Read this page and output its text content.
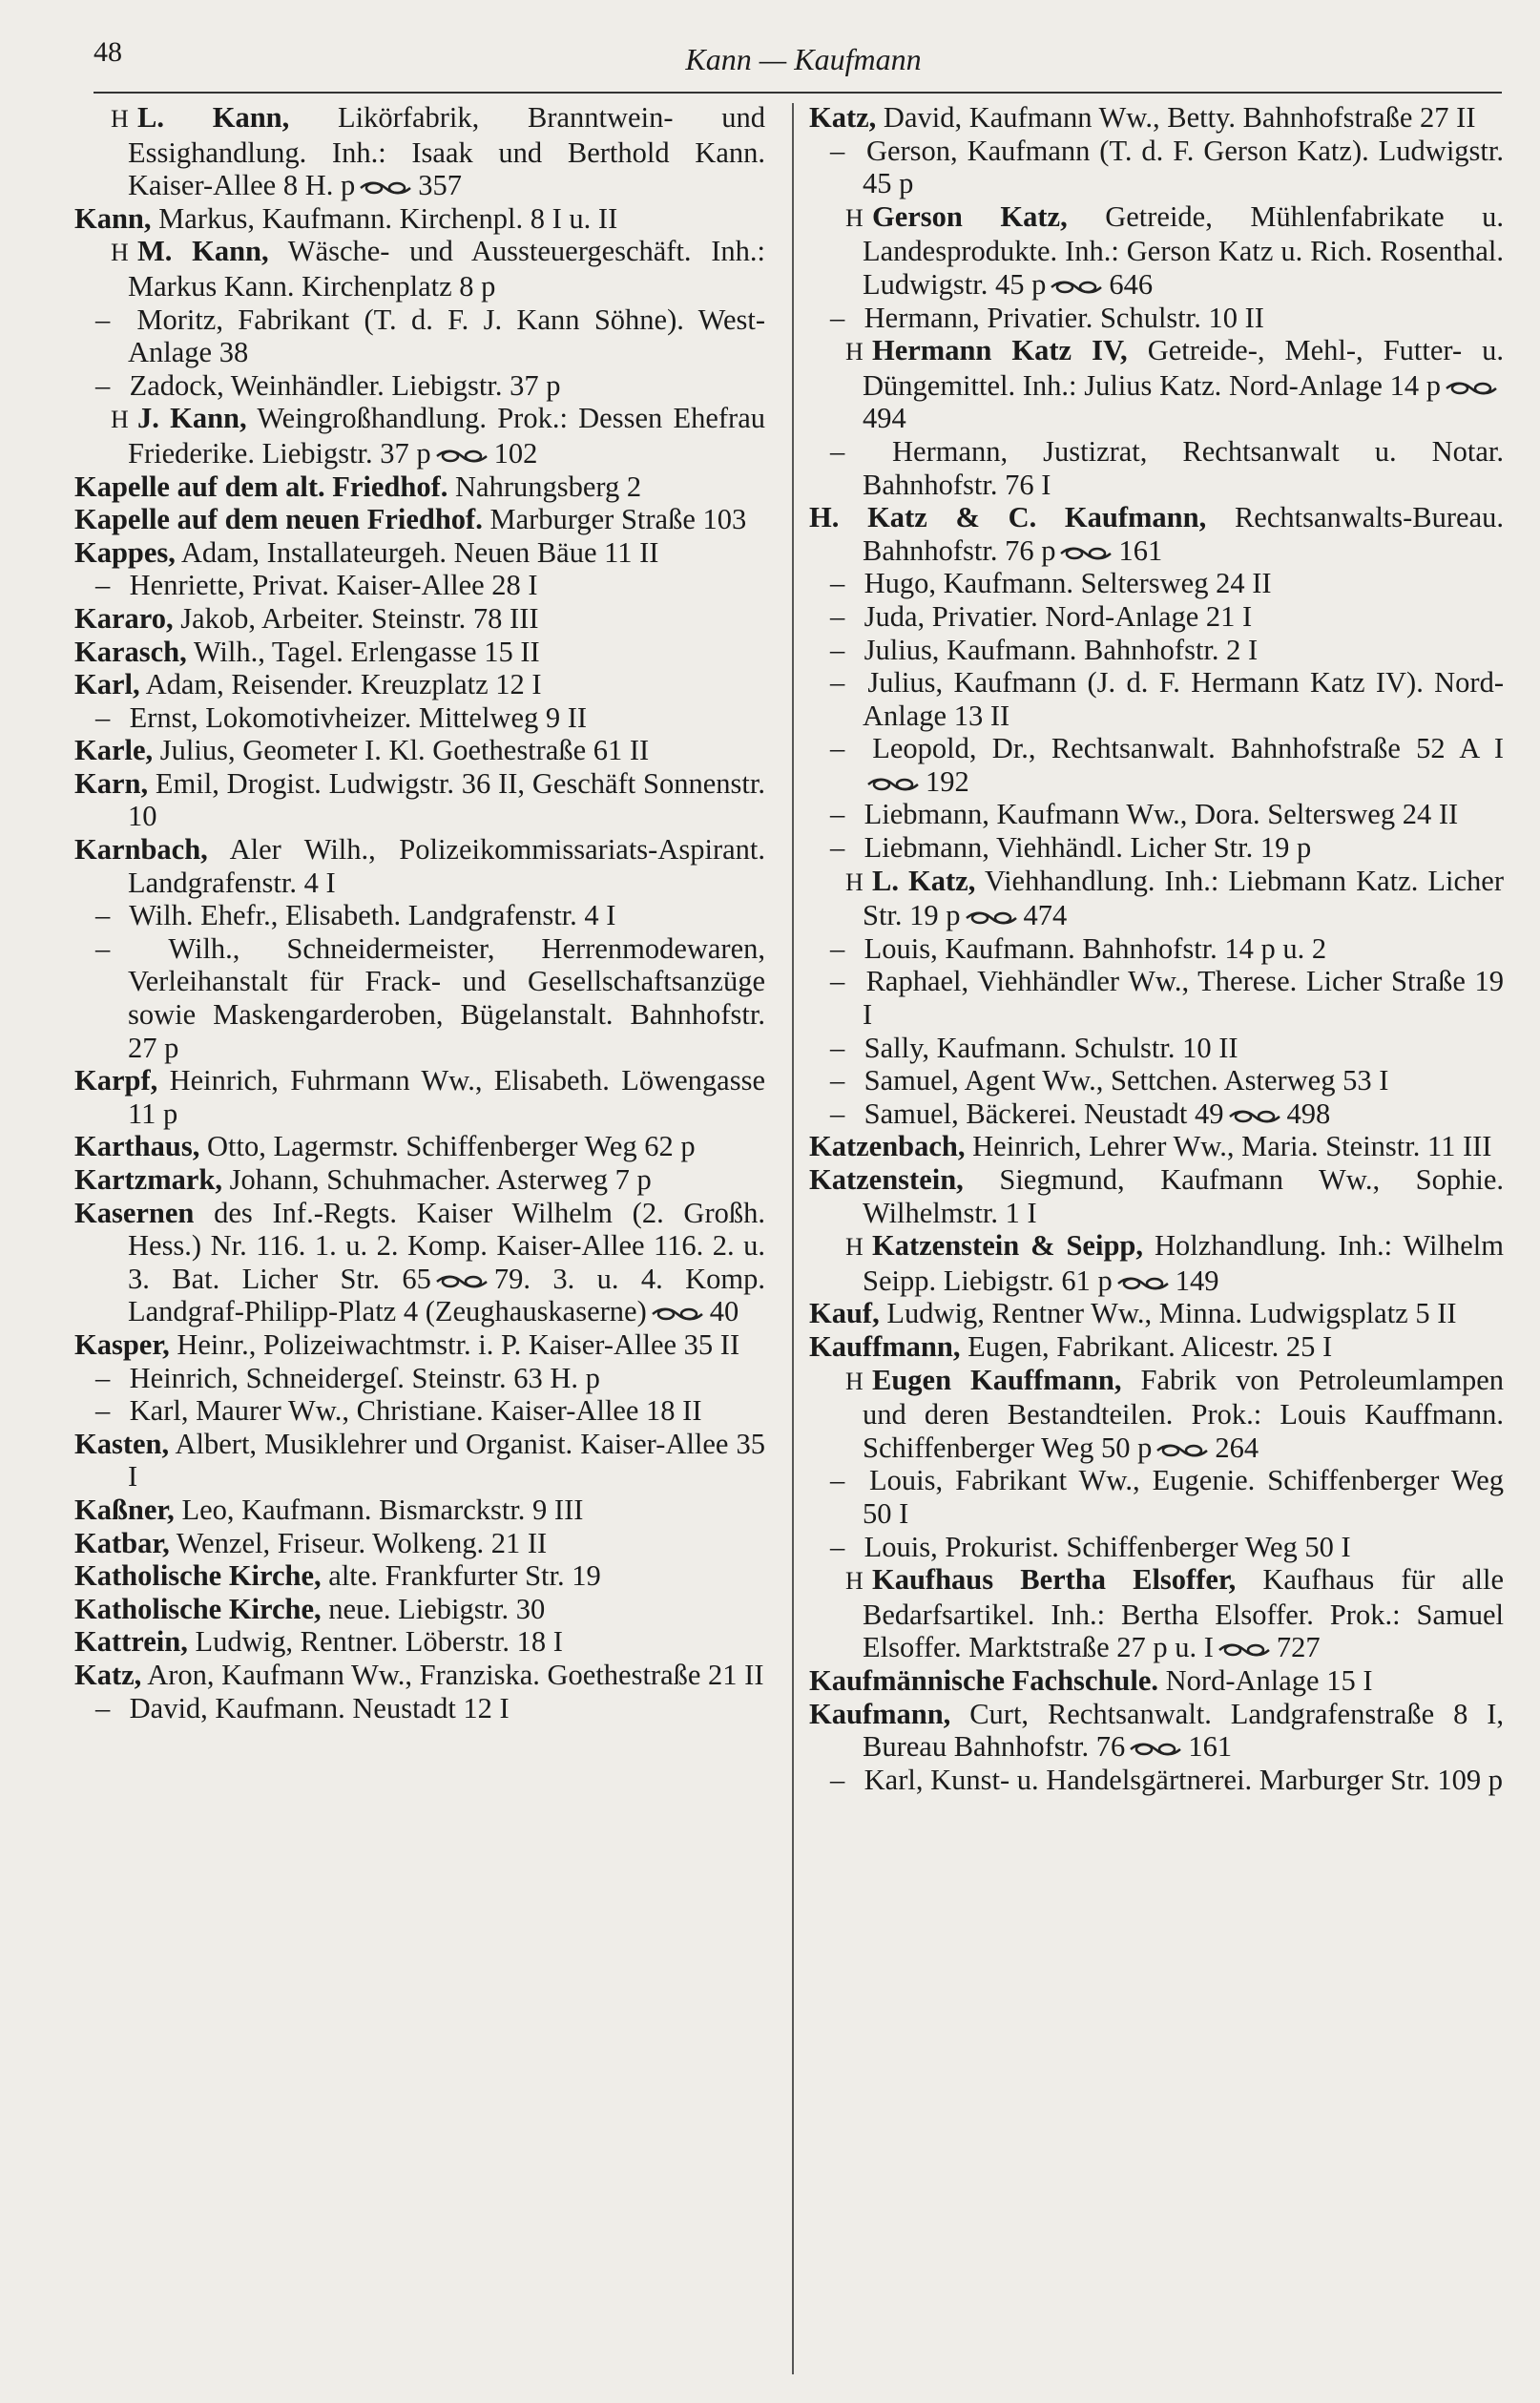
48	Kann — Kaufmann

H L. Kann, Likörfabrik, Branntwein- und Essighandlung. Inh.: Isaak und Berthold Kann. Kaiser-Allee 8 H. p 357

Kann, Markus, Kaufmann. Kirchenpl. 8 I u. II

H M. Kann, Wäsche- und Aussteuergeschäft. Inh.: Markus Kann. Kirchenplatz 8 p

– Moritz, Fabrikant (T. d. F. J. Kann Söhne). West-Anlage 38

– Zadock, Weinhändler. Liebigstr. 37 p

H J. Kann, Weingroßhandlung. Prok.: Dessen Ehefrau Friederike. Liebigstr. 37 p 102

Kapelle auf dem alt. Friedhof. Nahrungsberg 2

Kapelle auf dem neuen Friedhof. Marburger Straße 103

Kappes, Adam, Installateurgeh. Neuen Bäue 11 II

– Henriette, Privat. Kaiser-Allee 28 I

Kararo, Jakob, Arbeiter. Steinstr. 78 III

Karasch, Wilh., Tagel. Erlengasse 15 II

Karl, Adam, Reisender. Kreuzplatz 12 I

– Ernst, Lokomotivheizer. Mittelweg 9 II

Karle, Julius, Geometer I. Kl. Goethestraße 61 II

Karn, Emil, Drogist. Ludwigstr. 36 II, Geschäft Sonnenstr. 10

Karnbach, Aler Wilh., Polizeikommissariats-Aspirant. Landgrafenstr. 4 I

– Wilh. Ehefr., Elisabeth. Landgrafenstr. 4 I

– Wilh., Schneidermeister, Herrenmodewaren, Verleihanstalt für Frack- und Gesellschaftsanzüge sowie Maskengarderoben, Bügelanstalt. Bahnhofstr. 27 p

Karpf, Heinrich, Fuhrmann Ww., Elisabeth. Löwengasse 11 p

Karthaus, Otto, Lagermstr. Schiffenberger Weg 62 p

Kartzmark, Johann, Schuhmacher. Asterweg 7 p

Kasernen des Inf.-Regts. Kaiser Wilhelm (2. Großh. Hess.) Nr. 116. 1. u. 2. Komp. Kaiser-Allee 116. 2. u. 3. Bat. Licher Str. 65 79. 3. u. 4. Komp. Landgraf-Philipp-Platz 4 (Zeughauskaserne) 40

Kasper, Heinr., Polizeiwachtmstr. i. P. Kaiser-Allee 35 II

– Heinrich, Schneidergeſ. Steinstr. 63 H. p

– Karl, Maurer Ww., Christiane. Kaiser-Allee 18 II

Kasten, Albert, Musiklehrer und Organist. Kaiser-Allee 35 I

Kaßner, Leo, Kaufmann. Bismarckstr. 9 III

Katbar, Wenzel, Friseur. Wolkeng. 21 II

Katholische Kirche, alte. Frankfurter Str. 19

Katholische Kirche, neue. Liebigstr. 30

Kattrein, Ludwig, Rentner. Löberstr. 18 I

Katz, Aron, Kaufmann Ww., Franziska. Goethestraße 21 II

– David, Kaufmann. Neustadt 12 I

Katz, David, Kaufmann Ww., Betty. Bahnhofstraße 27 II

– Gerson, Kaufmann (T. d. F. Gerson Katz). Ludwigstr. 45 p

H Gerson Katz, Getreide, Mühlenfabrikate u. Landesprodukte. Inh.: Gerson Katz u. Rich. Rosenthal. Ludwigstr. 45 p 646

– Hermann, Privatier. Schulstr. 10 II

H Hermann Katz IV, Getreide-, Mehl-, Futter- u. Düngemittel. Inh.: Julius Katz. Nord-Anlage 14 p494

– Hermann, Justizrat, Rechtsanwalt u. Notar. Bahnhofstr. 76 I

H. Katz & C. Kaufmann, Rechtsanwalts-Bureau. Bahnhofstr. 76 p 161

– Hugo, Kaufmann. Seltersweg 24 II

– Juda, Privatier. Nord-Anlage 21 I

– Julius, Kaufmann. Bahnhofstr. 2 I

– Julius, Kaufmann (J. d. F. Hermann Katz IV). Nord-Anlage 13 II

– Leopold, Dr., Rechtsanwalt. Bahnhofstraße 52 A I192

– Liebmann, Kaufmann Ww., Dora. Seltersweg 24 II

– Liebmann, Viehhändl. Licher Str. 19 p

H L. Katz, Viehhandlung. Inh.: Liebmann Katz. Licher Str. 19 p 474

– Louis, Kaufmann. Bahnhofstr. 14 p u. 2

– Raphael, Viehhändler Ww., Therese. Licher Straße 19 I

– Sally, Kaufmann. Schulstr. 10 II

– Samuel, Agent Ww., Settchen. Asterweg 53 I

– Samuel, Bäckerei. Neustadt 49 498

Katzenbach, Heinrich, Lehrer Ww., Maria. Steinstr. 11 III

Katzenstein, Siegmund, Kaufmann Ww., Sophie. Wilhelmstr. 1 I

H Katzenstein & Seipp, Holzhandlung. Inh.: Wilhelm Seipp. Liebigstr. 61 p 149

Kauf, Ludwig, Rentner Ww., Minna. Ludwigsplatz 5 II

Kauffmann, Eugen, Fabrikant. Alicestr. 25 I

H Eugen Kauffmann, Fabrik von Petroleumlampen und deren Bestandteilen. Prok.: Louis Kauffmann. Schiffenberger Weg 50 p 264

– Louis, Fabrikant Ww., Eugenie. Schiffenberger Weg 50 I

– Louis, Prokurist. Schiffenberger Weg 50 I

H Kaufhaus Bertha Elsoffer, Kaufhaus für alle Bedarfsartikel. Inh.: Bertha Elsoffer. Prok.: Samuel Elsoffer. Marktstraße 27 p u. I 727

Kaufmännische Fachschule. Nord-Anlage 15 I

Kaufmann, Curt, Rechtsanwalt. Landgrafenstraße 8 I, Bureau Bahnhofstr. 76 161

– Karl, Kunst- u. Handelsgärtnerei. Marburger Str. 109 p
